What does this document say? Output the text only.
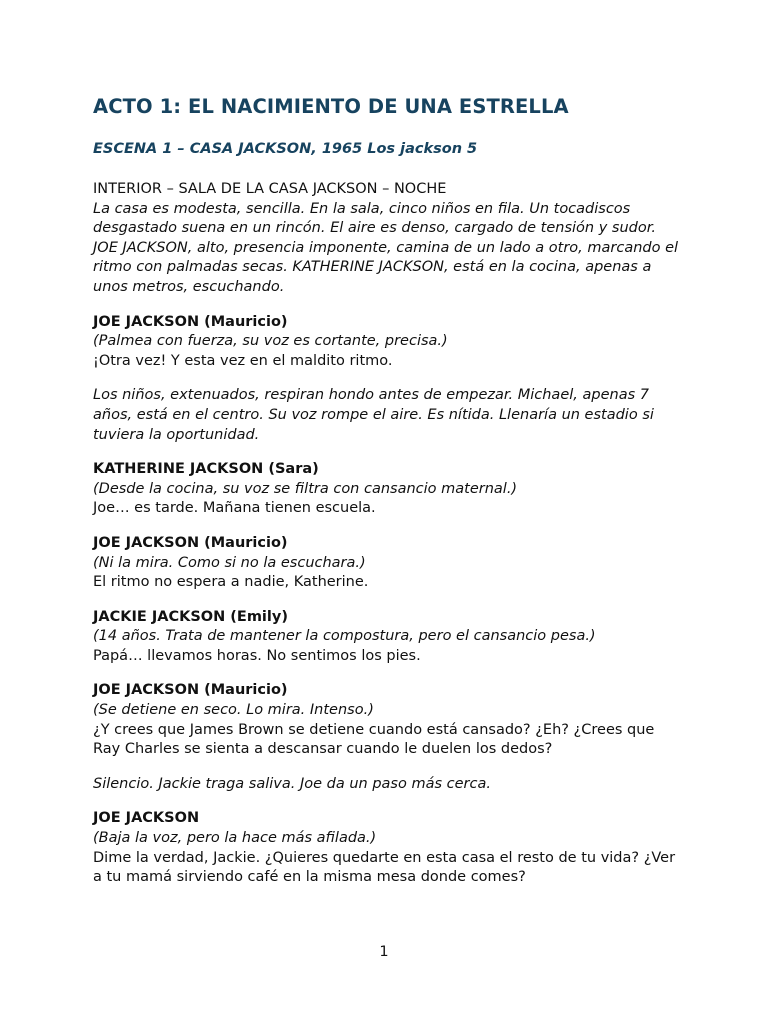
ACTO 1: EL NACIMIENTO DE UNA ESTRELLA
ESCENA 1 – CASA JACKSON, 1965 Los jackson 5

INTERIOR – SALA DE LA CASA JACKSON – NOCHE

La casa es modesta, sencilla. En la sala, cinco niños en fila. Un tocadiscos desgastado suena en un rincón. El aire es denso, cargado de tensión y sudor. JOE JACKSON, alto, presencia imponente, camina de un lado a otro, marcando el ritmo con palmadas secas. KATHERINE JACKSON, está en la cocina, apenas a unos metros, escuchando.

JOE JACKSON (Mauricio)

(Palmea con fuerza, su voz es cortante, precisa.)

¡Otra vez! Y esta vez en el maldito ritmo.

Los niños, extenuados, respiran hondo antes de empezar. Michael, apenas 7 años, está en el centro. Su voz rompe el aire. Es nítida. Llenaría un estadio si tuviera la oportunidad.

KATHERINE JACKSON (Sara)

(Desde la cocina, su voz se filtra con cansancio maternal.)

Joe… es tarde. Mañana tienen escuela.

JOE JACKSON (Mauricio)

(Ni la mira. Como si no la escuchara.)

El ritmo no espera a nadie, Katherine.

JACKIE JACKSON (Emily)

(14 años. Trata de mantener la compostura, pero el cansancio pesa.)

Papá… llevamos horas. No sentimos los pies.

JOE JACKSON (Mauricio)

(Se detiene en seco. Lo mira. Intenso.)

¿Y crees que James Brown se detiene cuando está cansado? ¿Eh? ¿Crees que Ray Charles se sienta a descansar cuando le duelen los dedos?

Silencio. Jackie traga saliva. Joe da un paso más cerca.

JOE JACKSON

(Baja la voz, pero la hace más afilada.)

Dime la verdad, Jackie. ¿Quieres quedarte en esta casa el resto de tu vida? ¿Ver a tu mamá sirviendo café en la misma mesa donde comes?

1
